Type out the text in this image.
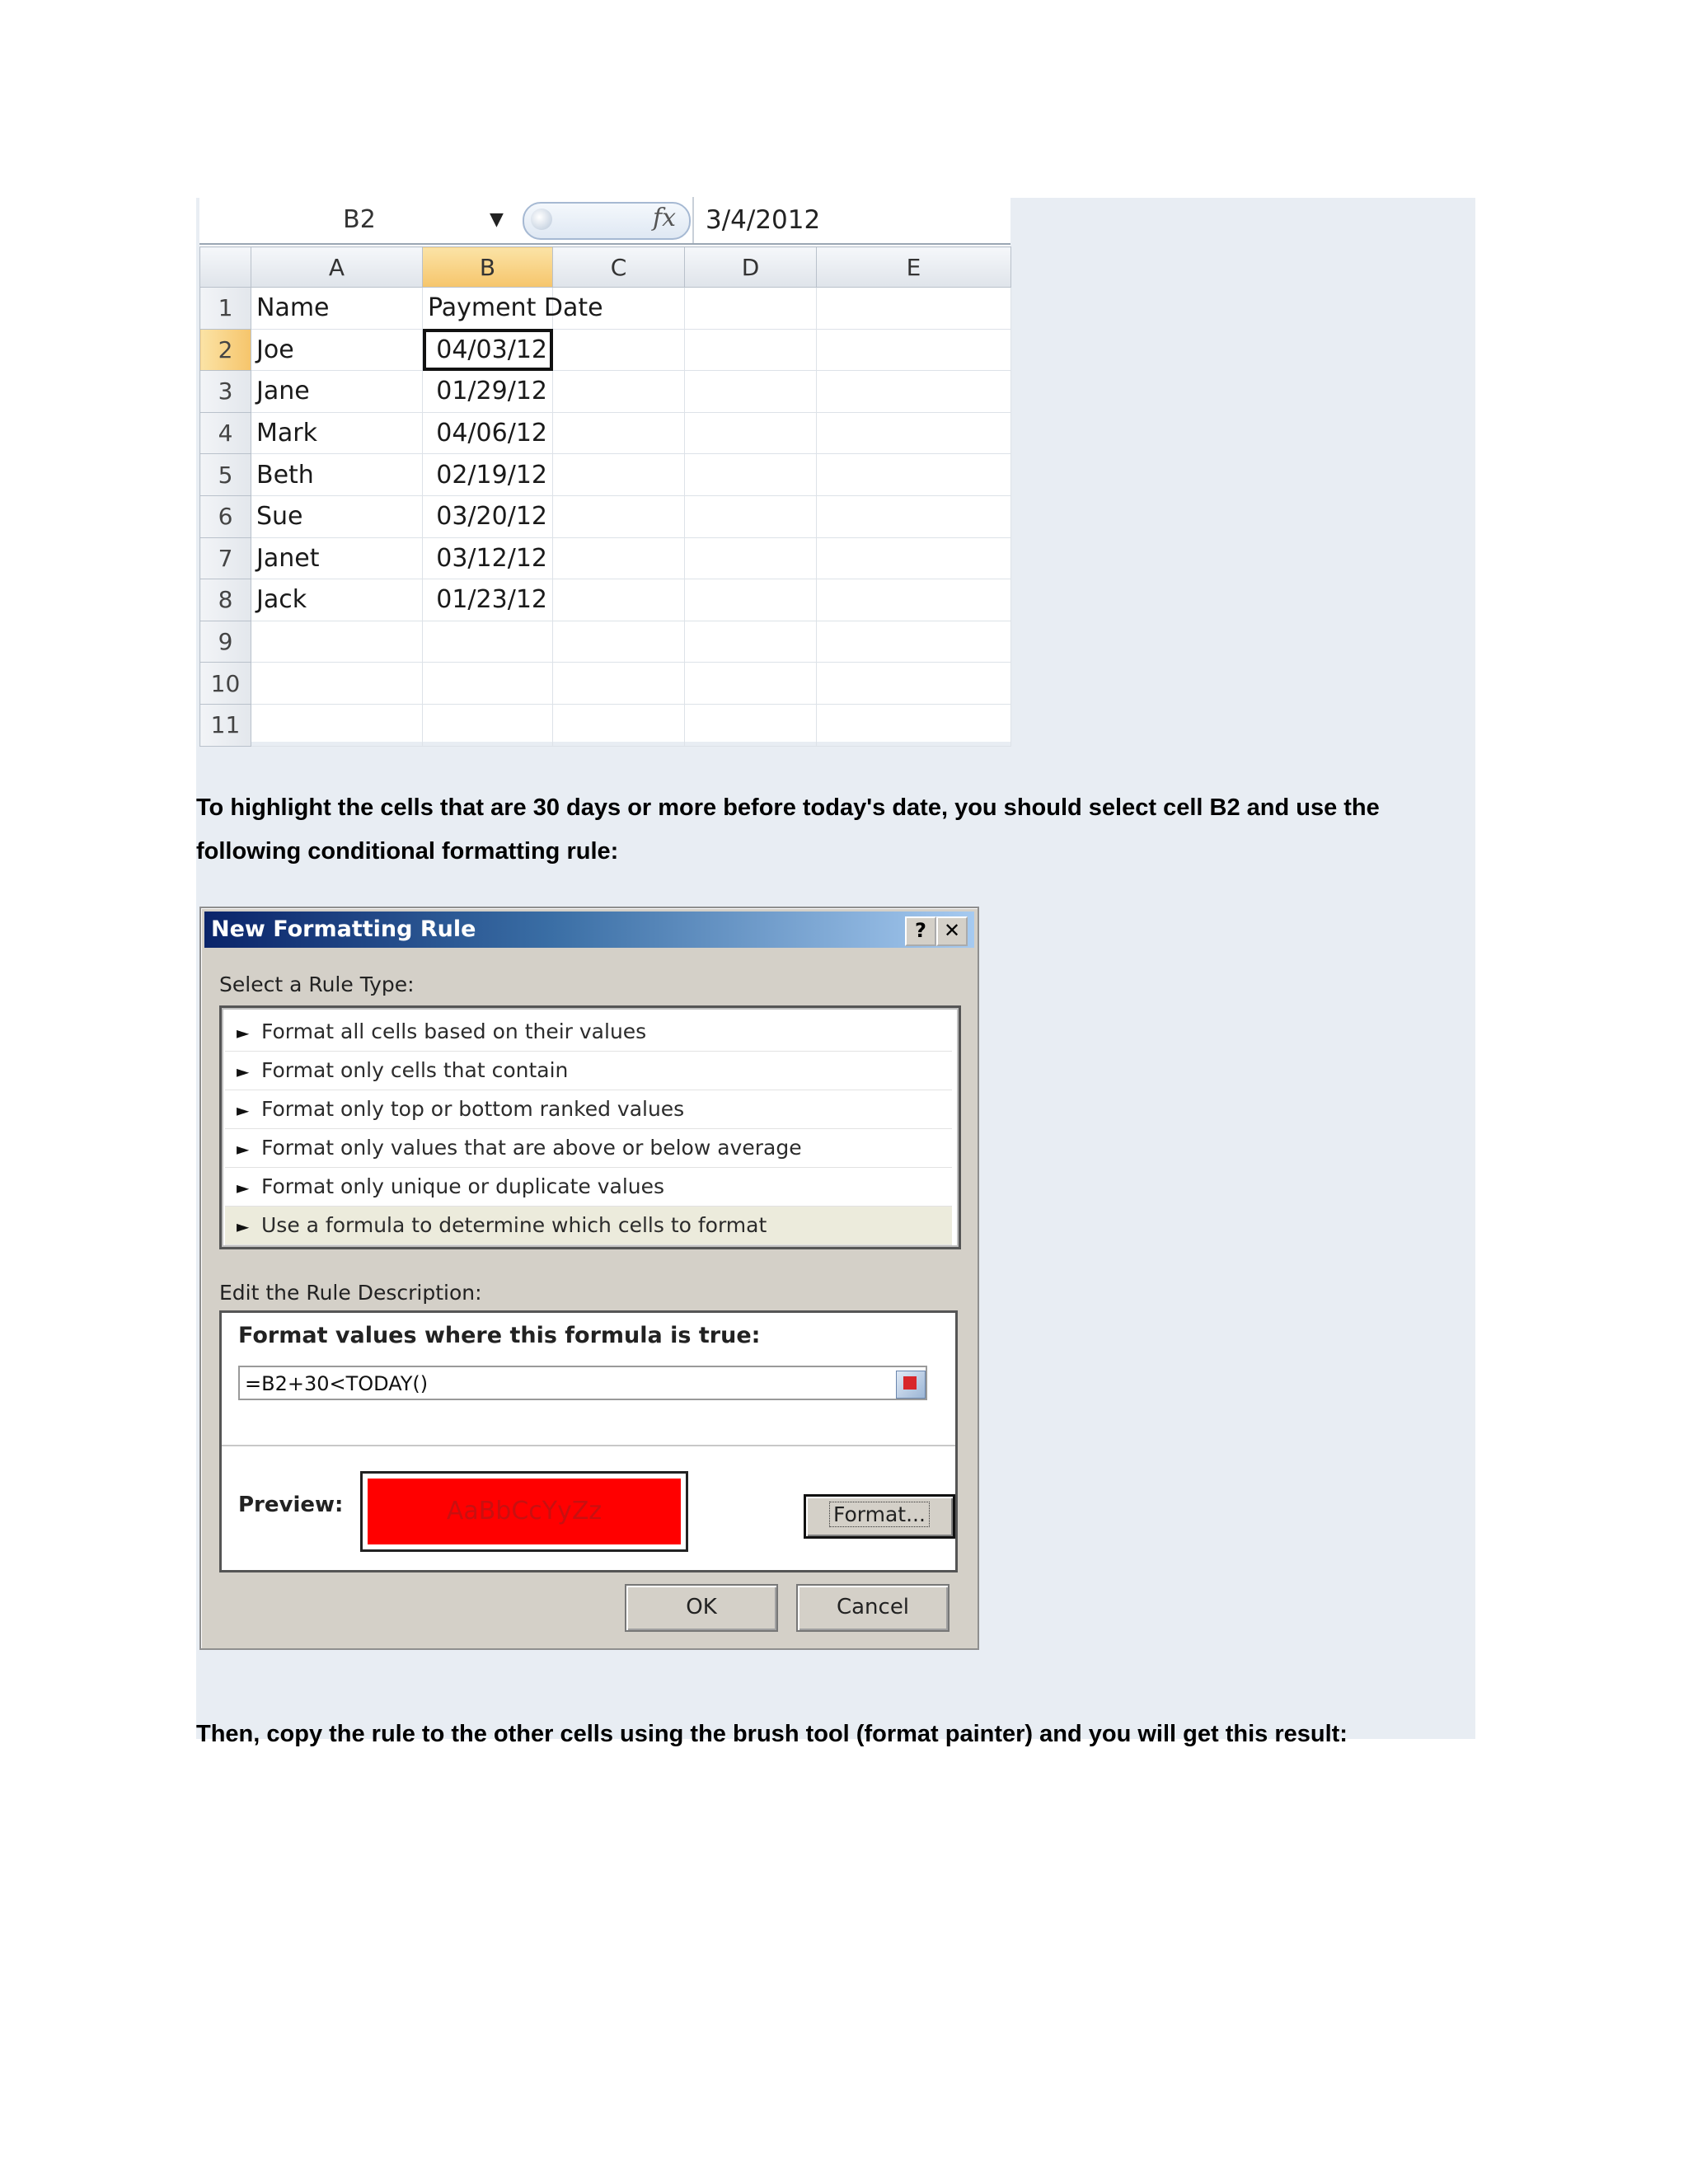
B2	▼	fx 3/4/2012
	A	B	C	D	E
1	Name	Payment Date			
2	Joe	04/03/12			
3	Jane	01/29/12			
4	Mark	04/06/12			
5	Beth	02/19/12			
6	Sue	03/20/12			
7	Janet	03/12/12			
8	Jack	01/23/12			
9					
10					
11					
To highlight the cells that are 30 days or more before today's date, you should select cell B2 and use the following conditional formatting rule:
New Formatting Rule	? ✕
Select a Rule Type:
► Format all cells based on their values
► Format only cells that contain
► Format only top or bottom ranked values
► Format only values that are above or below average
► Format only unique or duplicate values
► Use a formula to determine which cells to format
Edit the Rule Description:
Format values where this formula is true:
=B2+30<TODAY()
Preview:	AaBbCcYyZz	Format...
OK	Cancel
Then, copy the rule to the other cells using the brush tool (format painter) and you will get this result:
